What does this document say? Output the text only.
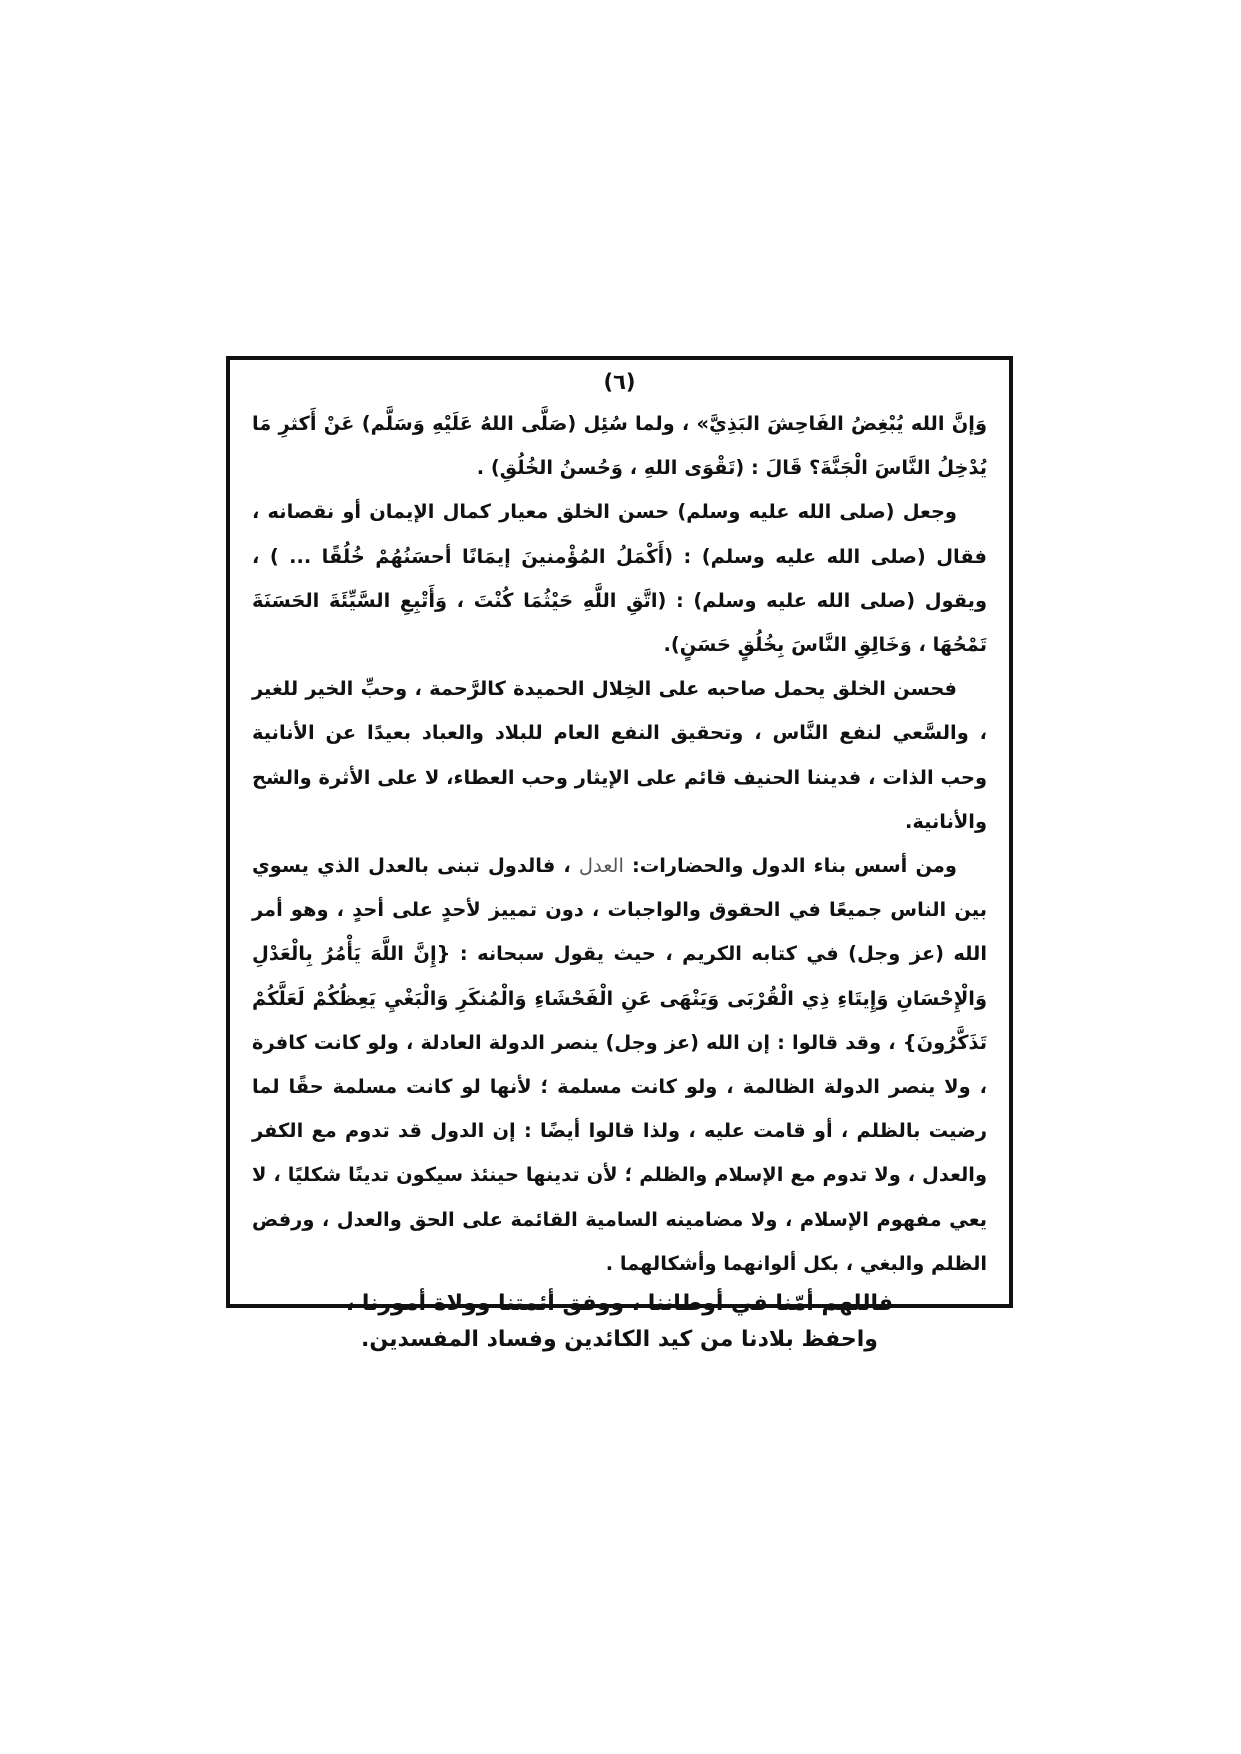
(٦)

وَإنَّ الله يُبْغِضُ الفَاحِشَ البَذِيَّ» ، ولما سُئِل (صَلَّى اللهُ عَلَيْهِ وَسَلَّم) عَنْ أَكثرِ مَا يُدْخِلُ النَّاسَ الْجَنَّةَ؟ قَالَ : (تَقْوَى اللهِ ، وَحُسنُ الخُلُقِ) .

وجعل (صلى الله عليه وسلم) حسن الخلق معيار كمال الإيمان أو نقصانه ، فقال (صلى الله عليه وسلم) : (أَكْمَلُ المُؤْمنينَ إيمَانًا أحسَنُهُمْ خُلُقًا ... ) ، ويقول (صلى الله عليه وسلم) : (اتَّقِ اللَّهِ حَيْثُمَا كُنْتَ ، وَأَتْبِعِ السَّيِّئَةَ الحَسَنَةَ تَمْحُهَا ، وَخَالِقِ النَّاسَ بِخُلُقٍ حَسَنٍ).

فحسن الخلق يحمل صاحبه على الخِلال الحميدة كالرَّحمة ، وحبِّ الخير للغير ، والسَّعي لنفع النَّاس ، وتحقيق النفع العام للبلاد والعباد بعيدًا عن الأنانية وحب الذات ، فديننا الحنيف قائم على الإيثار وحب العطاء، لا على الأثرة والشح والأنانية.

ومن أسس بناء الدول والحضارات: العدل ، فالدول تبنى بالعدل الذي يسوي بين الناس جميعًا في الحقوق والواجبات ، دون تمييز لأحدٍ على أحدٍ ، وهو أمر الله (عز وجل) في كتابه الكريم ، حيث يقول سبحانه : {إِنَّ اللَّهَ يَأْمُرُ بِالْعَدْلِ وَالْإِحْسَانِ وَإِيتَاءِ ذِي الْقُرْبَى وَيَنْهَى عَنِ الْفَحْشَاءِ وَالْمُنكَرِ وَالْبَغْيِ يَعِظُكُمْ لَعَلَّكُمْ تَذَكَّرُونَ} ، وقد قالوا : إن الله (عز وجل) ينصر الدولة العادلة ، ولو كانت كافرة ، ولا ينصر الدولة الظالمة ، ولو كانت مسلمة ؛ لأنها لو كانت مسلمة حقًا لما رضيت بالظلم ، أو قامت عليه ، ولذا قالوا أيضًا : إن الدول قد تدوم مع الكفر والعدل ، ولا تدوم مع الإسلام والظلم ؛ لأن تدينها حينئذ سيكون تدينًا شكليًا ، لا يعي مفهوم الإسلام ، ولا مضامينه السامية القائمة على الحق والعدل ، ورفض الظلم والبغي ، بكل ألوانهما وأشكالهما .

فاللهم أمّنا في أوطاننا ، ووفق أئمتنا وولاة أمورنا ،
واحفظ بلادنا من كيد الكائدين وفساد المفسدين.
